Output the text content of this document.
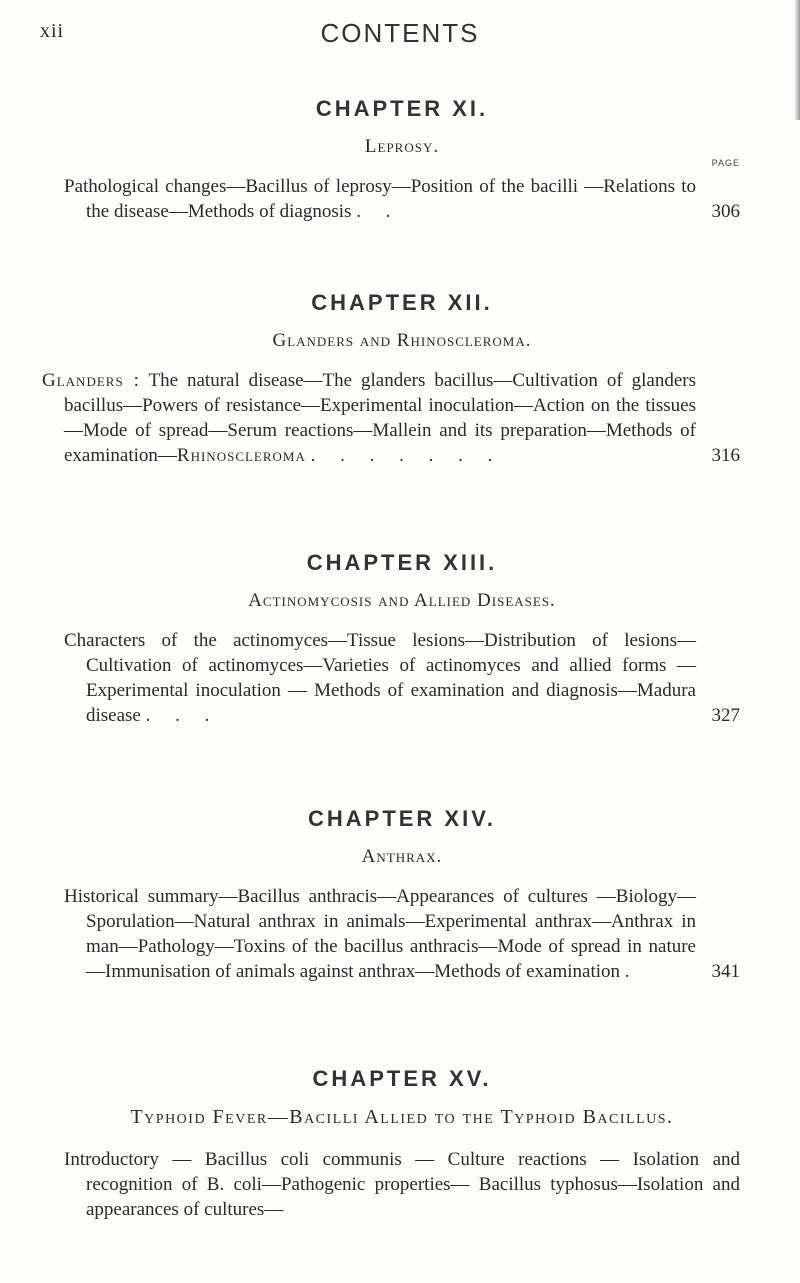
xii	CONTENTS
CHAPTER XI.
Leprosy.
PAGE
Pathological changes—Bacillus of leprosy—Position of the bacilli —Relations to the disease—Methods of diagnosis . .	306
CHAPTER XII.
Glanders and Rhinoscleroma.
Glanders : The natural disease—The glanders bacillus—Cultivation of glanders bacillus—Powers of resistance—Experimental inoculation—Action on the tissues—Mode of spread—Serum reactions—Mallein and its preparation—Methods of examination—Rhinoscleroma . . . . . . .	316
CHAPTER XIII.
Actinomycosis and Allied Diseases.
Characters of the actinomyces—Tissue lesions—Distribution of lesions—Cultivation of actinomyces—Varieties of actinomyces and allied forms — Experimental inoculation — Methods of examination and diagnosis—Madura disease . . .	327
CHAPTER XIV.
Anthrax.
Historical summary—Bacillus anthracis—Appearances of cultures —Biology—Sporulation—Natural anthrax in animals—Experimental anthrax—Anthrax in man—Pathology—Toxins of the bacillus anthracis—Mode of spread in nature—Immunisation of animals against anthrax—Methods of examination .	341
CHAPTER XV.
Typhoid Fever—Bacilli Allied to the Typhoid Bacillus.
Introductory — Bacillus coli communis — Culture reactions — Isolation and recognition of B. coli—Pathogenic properties— Bacillus typhosus—Isolation and appearances of cultures—
